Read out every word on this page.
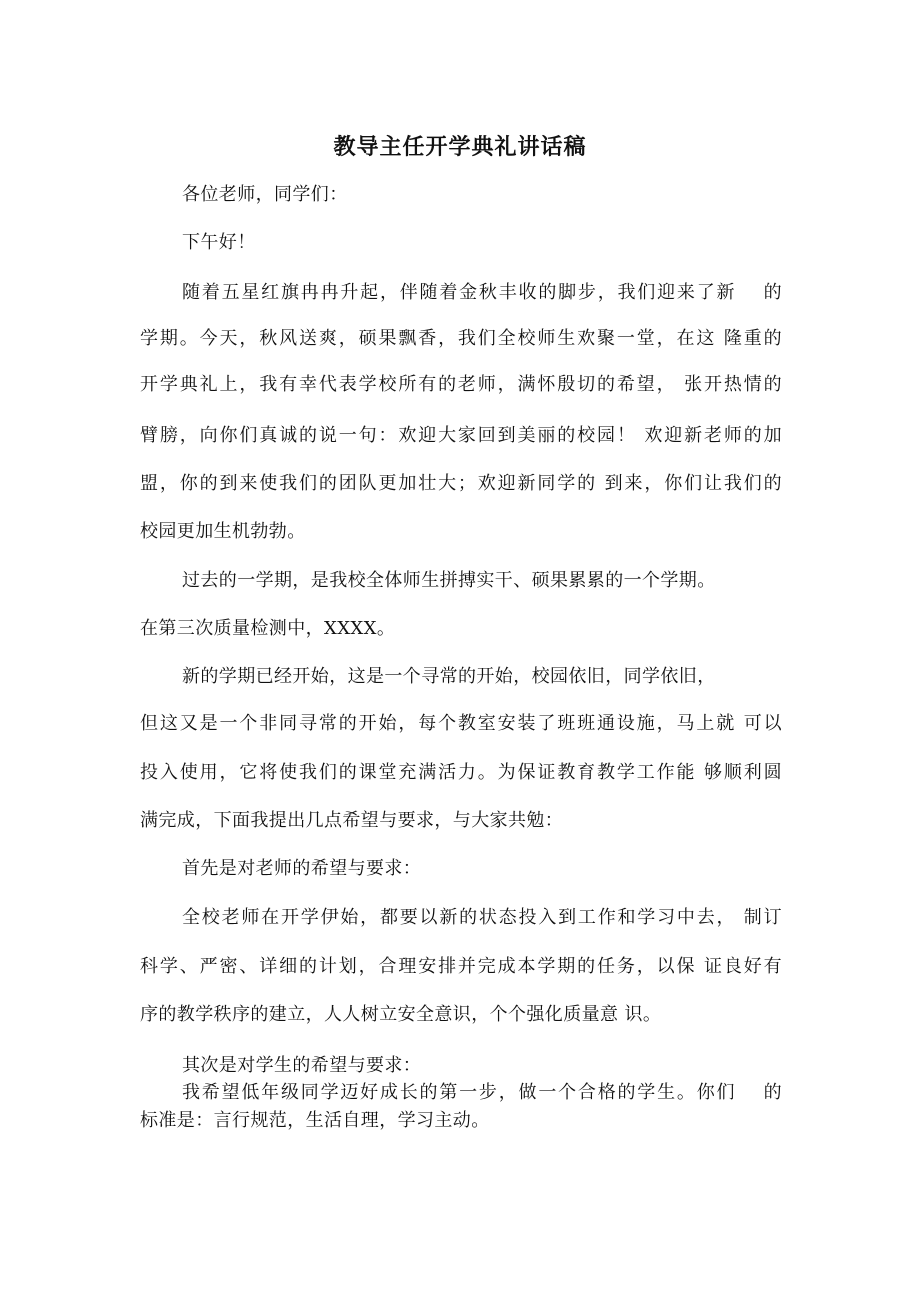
教导主任开学典礼讲话稿
各位老师，同学们：
下午好！
随着五星红旗冉冉升起，伴随着金秋丰收的脚步，我们迎来了新　 的
学期。今天，秋风送爽，硕果飘香，我们全校师生欢聚一堂，在这 隆重的
开学典礼上，我有幸代表学校所有的老师，满怀殷切的希望， 张开热情的
臂膀，向你们真诚的说一句：欢迎大家回到美丽的校园！ 欢迎新老师的加
盟，你的到来使我们的团队更加壮大；欢迎新同学的 到来，你们让我们的
校园更加生机勃勃。
过去的一学期，是我校全体师生拼搏实干、硕果累累的一个学期。
在第三次质量检测中，XXXX。
新的学期已经开始，这是一个寻常的开始，校园依旧，同学依旧，
但这又是一个非同寻常的开始，每个教室安装了班班通设施，马上就 可以
投入使用，它将使我们的课堂充满活力。为保证教育教学工作能 够顺利圆
满完成，下面我提出几点希望与要求，与大家共勉：
首先是对老师的希望与要求：
全校老师在开学伊始，都要以新的状态投入到工作和学习中去， 制订
科学、严密、详细的计划，合理安排并完成本学期的任务，以保 证良好有
序的教学秩序的建立，人人树立安全意识，个个强化质量意 识。
其次是对学生的希望与要求：
我希望低年级同学迈好成长的第一步，做一个合格的学生。你们　 的
标准是：言行规范，生活自理，学习主动。
